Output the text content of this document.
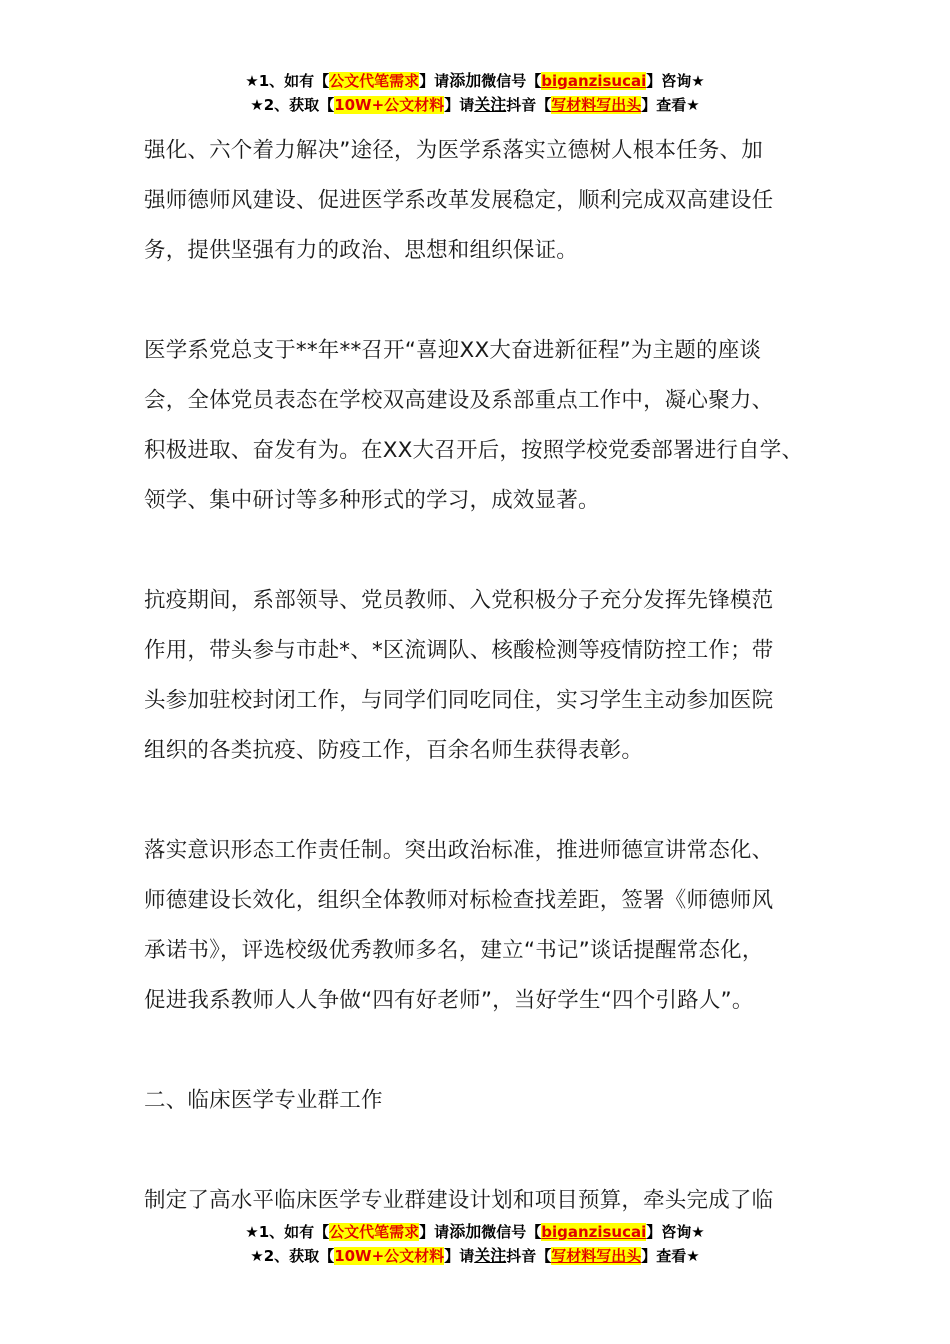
★1、如有【公文代笔需求】请添加微信号【biganzisucai】咨询★
★2、获取【10W+公文材料】请关注抖音【写材料写出头】查看★

强化、六个着力解决”途径，为医学系落实立德树人根本任务、加
强师德师风建设、促进医学系改革发展稳定，顺利完成双高建设任
务，提供坚强有力的政治、思想和组织保证。

医学系党总支于**年**召开“喜迎XX大奋进新征程”为主题的座谈
会，全体党员表态在学校双高建设及系部重点工作中，凝心聚力、
积极进取、奋发有为。在XX大召开后，按照学校党委部署进行自学、
领学、集中研讨等多种形式的学习，成效显著。

抗疫期间，系部领导、党员教师、入党积极分子充分发挥先锋模范
作用，带头参与市赴*、*区流调队、核酸检测等疫情防控工作；带
头参加驻校封闭工作，与同学们同吃同住，实习学生主动参加医院
组织的各类抗疫、防疫工作，百余名师生获得表彰。

落实意识形态工作责任制。突出政治标准，推进师德宣讲常态化、
师德建设长效化，组织全体教师对标检查找差距，签署《师德师风
承诺书》，评选校级优秀教师多名，建立“书记”谈话提醒常态化，
促进我系教师人人争做“四有好老师”，当好学生“四个引路人”。

二、临床医学专业群工作

制定了高水平临床医学专业群建设计划和项目预算，牵头完成了临

★1、如有【公文代笔需求】请添加微信号【biganzisucai】咨询★
★2、获取【10W+公文材料】请关注抖音【写材料写出头】查看★
